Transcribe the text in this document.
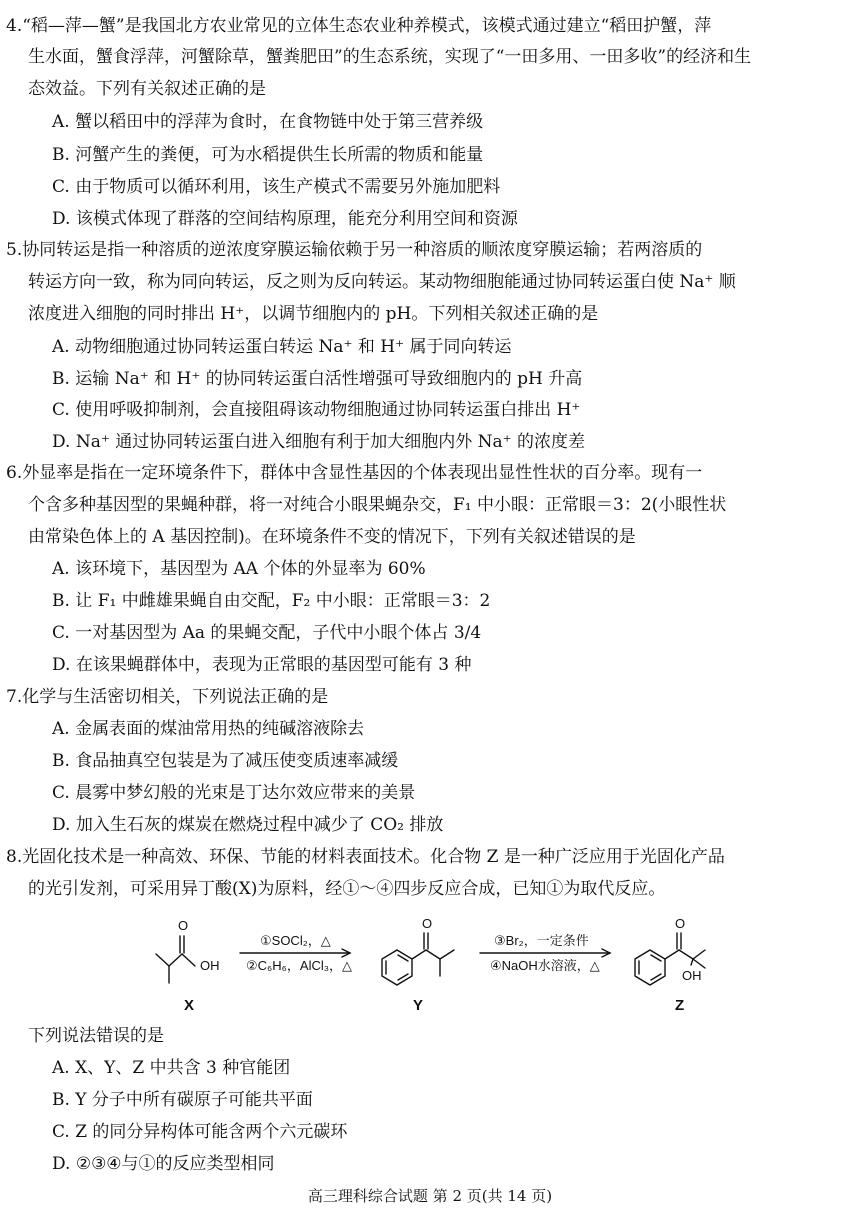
4.“稻—萍—蟹”是我国北方农业常见的立体生态农业种养模式，该模式通过建立“稻田护蟹，萍
生水面，蟹食浮萍，河蟹除草，蟹粪肥田”的生态系统，实现了“一田多用、一田多收”的经济和生
态效益。下列有关叙述正确的是
A. 蟹以稻田中的浮萍为食时，在食物链中处于第三营养级
B. 河蟹产生的粪便，可为水稻提供生长所需的物质和能量
C. 由于物质可以循环利用，该生产模式不需要另外施加肥料
D. 该模式体现了群落的空间结构原理，能充分利用空间和资源
5.协同转运是指一种溶质的逆浓度穿膜运输依赖于另一种溶质的顺浓度穿膜运输；若两溶质的
转运方向一致，称为同向转运，反之则为反向转运。某动物细胞能通过协同转运蛋白使 Na⁺ 顺
浓度进入细胞的同时排出 H⁺，以调节细胞内的 pH。下列相关叙述正确的是
A. 动物细胞通过协同转运蛋白转运 Na⁺ 和 H⁺ 属于同向转运
B. 运输 Na⁺ 和 H⁺ 的协同转运蛋白活性增强可导致细胞内的 pH 升高
C. 使用呼吸抑制剂，会直接阻碍该动物细胞通过协同转运蛋白排出 H⁺
D. Na⁺ 通过协同转运蛋白进入细胞有利于加大细胞内外 Na⁺ 的浓度差
6.外显率是指在一定环境条件下，群体中含显性基因的个体表现出显性性状的百分率。现有一
个含多种基因型的果蝇种群，将一对纯合小眼果蝇杂交，F₁ 中小眼：正常眼＝3：2(小眼性状
由常染色体上的 A 基因控制)。在环境条件不变的情况下，下列有关叙述错误的是
A. 该环境下，基因型为 AA 个体的外显率为 60%
B. 让 F₁ 中雌雄果蝇自由交配，F₂ 中小眼：正常眼＝3：2
C. 一对基因型为 Aa 的果蝇交配，子代中小眼个体占 3/4
D. 在该果蝇群体中，表现为正常眼的基因型可能有 3 种
7.化学与生活密切相关，下列说法正确的是
A. 金属表面的煤油常用热的纯碱溶液除去
B. 食品抽真空包装是为了减压使变质速率减缓
C. 晨雾中梦幻般的光束是丁达尔效应带来的美景
D. 加入生石灰的煤炭在燃烧过程中减少了 CO₂ 排放
8.光固化技术是一种高效、环保、节能的材料表面技术。化合物 Z 是一种广泛应用于光固化产品
的光引发剂，可采用异丁酸(X)为原料，经①～④四步反应合成，已知①为取代反应。
O
OH
X
①SOCl₂，△
②C₆H₆，AlCl₃，△
O
Y
③Br₂，一定条件
④NaOH水溶液，△
O
OH
Z
下列说法错误的是
A. X、Y、Z 中共含 3 种官能团
B. Y 分子中所有碳原子可能共平面
C. Z 的同分异构体可能含两个六元碳环
D. ②③④与①的反应类型相同
高三理科综合试题 第 2 页(共 14 页)
